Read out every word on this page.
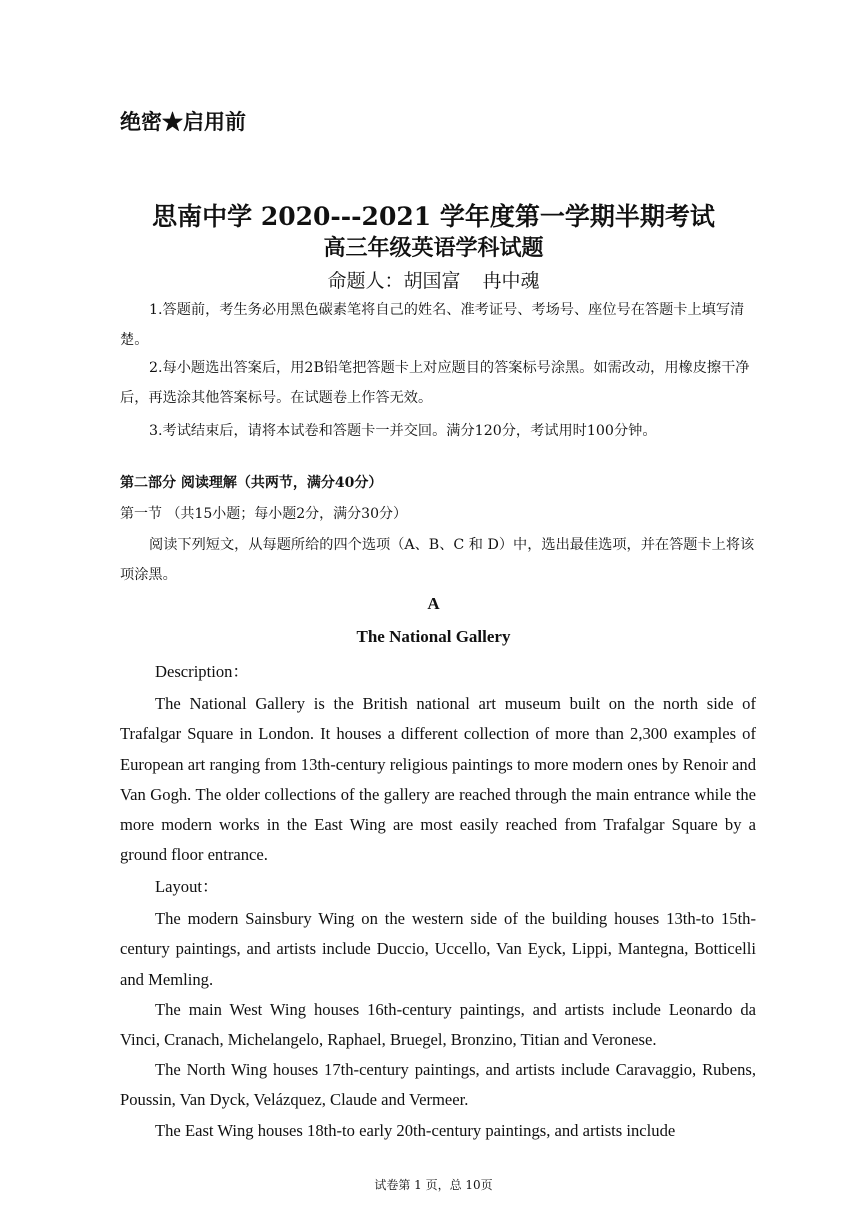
绝密★启用前
思南中学 2020---2021 学年度第一学期半期考试
高三年级英语学科试题
命题人：胡国富 冉中魂

1.答题前，考生务必用黑色碳素笔将自己的姓名、准考证号、考场号、座位号在答题卡上填写清楚。

2.每小题选出答案后，用2B铅笔把答题卡上对应题目的答案标号涂黑。如需改动，用橡皮擦干净后，再选涂其他答案标号。在试题卷上作答无效。

3.考试结束后，请将本试卷和答题卡一并交回。满分120分，考试用时100分钟。

第二部分 阅读理解（共两节，满分40分）
第一节 （共15小题；每小题2分，满分30分）

阅读下列短文，从每题所给的四个选项（A、B、C 和 D）中，选出最佳选项，并在答题卡上将该项涂黑。

A
The National Gallery
Description：
The National Gallery is the British national art museum built on the north side of Trafalgar Square in London. It houses a different collection of more than 2,300 examples of European art ranging from 13th-century religious paintings to more modern ones by Renoir and Van Gogh. The older collections of the gallery are reached through the main entrance while the more modern works in the East Wing are most easily reached from Trafalgar Square by a ground floor entrance.
Layout：
The modern Sainsbury Wing on the western side of the building houses 13th-to 15th-century paintings, and artists include Duccio, Uccello, Van Eyck, Lippi, Mantegna, Botticelli and Memling.
The main West Wing houses 16th-century paintings, and artists include Leonardo da Vinci, Cranach, Michelangelo, Raphael, Bruegel, Bronzino, Titian and Veronese.
The North Wing houses 17th-century paintings, and artists include Caravaggio, Rubens, Poussin, Van Dyck, Velázquez, Claude and Vermeer.
The East Wing houses 18th-to early 20th-century paintings, and artists include
试卷第 1 页，总 10页
